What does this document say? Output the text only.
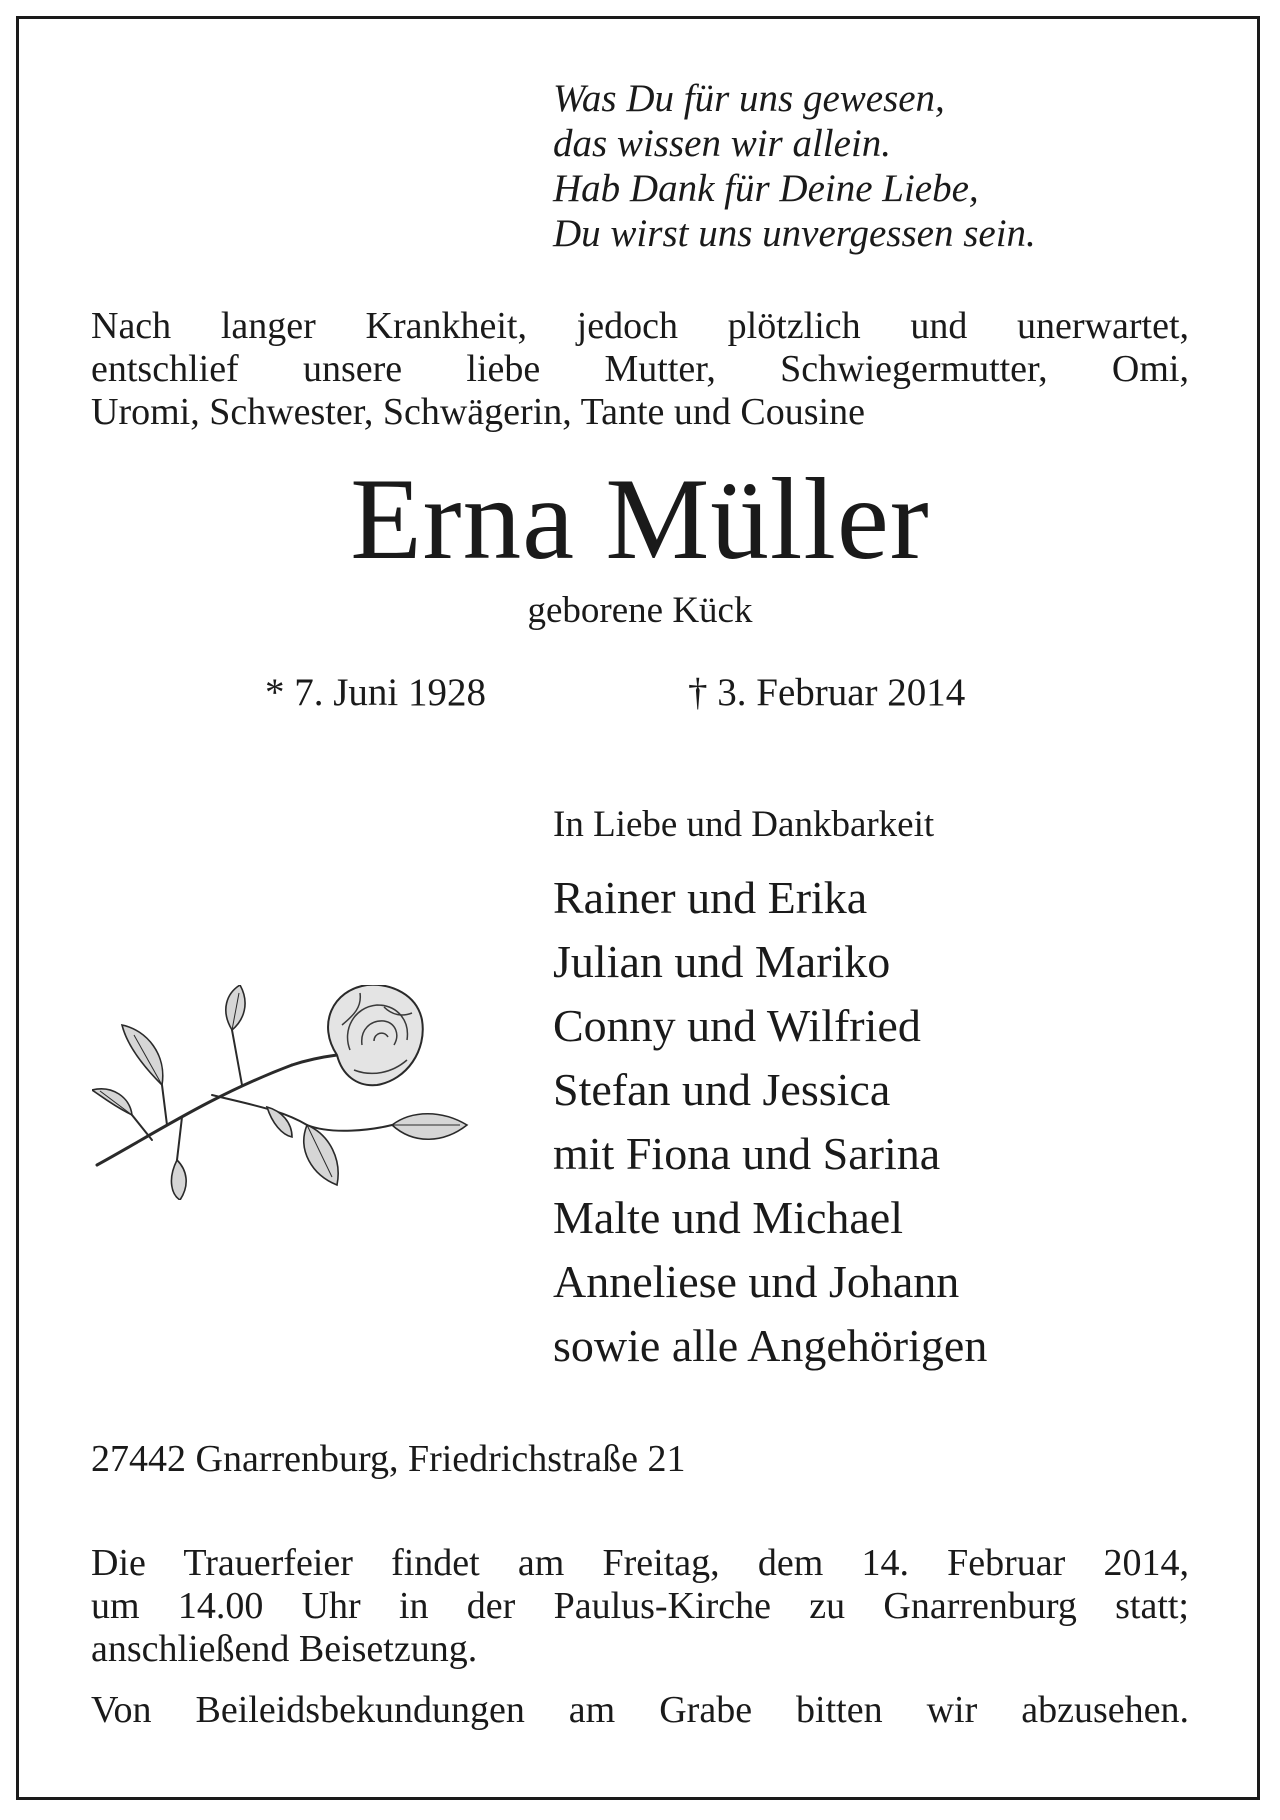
Was Du für uns gewesen,
das wissen wir allein.
Hab Dank für Deine Liebe,
Du wirst uns unvergessen sein.
Nach langer Krankheit, jedoch plötzlich und unerwartet,
entschlief unsere liebe Mutter, Schwiegermutter, Omi,
Uromi, Schwester, Schwägerin, Tante und Cousine
Erna Müller
geborene Kück
* 7. Juni 1928	† 3. Februar 2014
In Liebe und Dankbarkeit
Rainer und Erika
Julian und Mariko
Conny und Wilfried
Stefan und Jessica
mit Fiona und Sarina
Malte und Michael
Anneliese und Johann
sowie alle Angehörigen
27442 Gnarrenburg, Friedrichstraße 21
Die Trauerfeier findet am Freitag, dem 14. Februar 2014,
um 14.00 Uhr in der Paulus-Kirche zu Gnarrenburg statt;
anschließend Beisetzung.
Von Beileidsbekundungen am Grabe bitten wir abzusehen.
